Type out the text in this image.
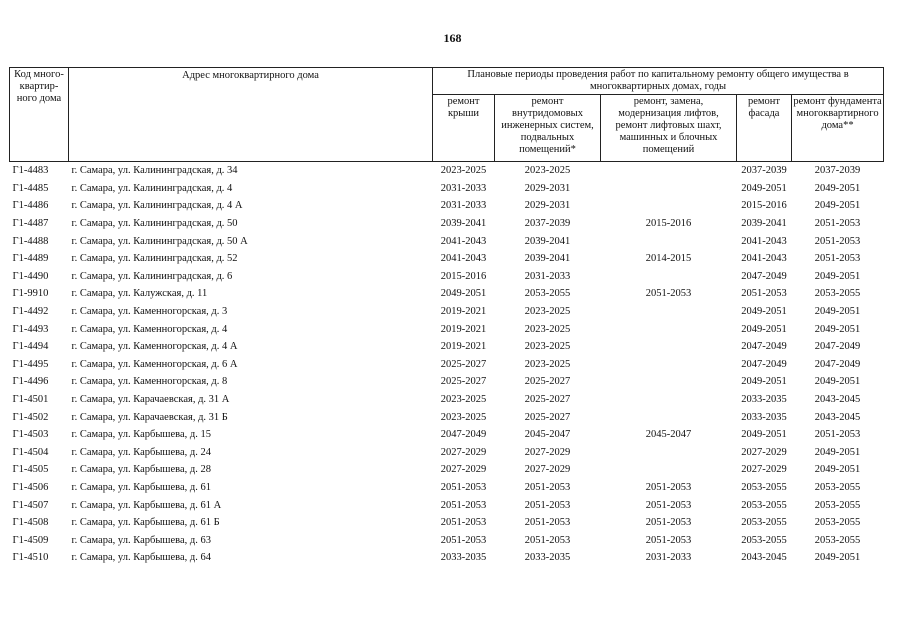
168
Код много-квартир-ного дома	Адрес многоквартирного дома	Плановые периоды проведения работ по капитальному ремонту общего имущества в многоквартирных домах, годы				
		ремонт крыши	ремонт внутридомовых инженерных систем, подвальных помещений*	ремонт, замена, модернизация лифтов, ремонт лифтовых шахт, машинных и блочных помещений	ремонт фасада	ремонт фундамента многоквартирного дома**
Г1-4483	г. Самара, ул. Калининградская, д. 34	2023-2025	2023-2025		2037-2039	2037-2039
Г1-4485	г. Самара, ул. Калининградская, д. 4	2031-2033	2029-2031		2049-2051	2049-2051
Г1-4486	г. Самара, ул. Калининградская, д. 4 А	2031-2033	2029-2031		2015-2016	2049-2051
Г1-4487	г. Самара, ул. Калининградская, д. 50	2039-2041	2037-2039	2015-2016	2039-2041	2051-2053
Г1-4488	г. Самара, ул. Калининградская, д. 50 А	2041-2043	2039-2041		2041-2043	2051-2053
Г1-4489	г. Самара, ул. Калининградская, д. 52	2041-2043	2039-2041	2014-2015	2041-2043	2051-2053
Г1-4490	г. Самара, ул. Калининградская, д. 6	2015-2016	2031-2033		2047-2049	2049-2051
Г1-9910	г. Самара, ул. Калужская, д. 11	2049-2051	2053-2055	2051-2053	2051-2053	2053-2055
Г1-4492	г. Самара, ул. Каменногорская, д. 3	2019-2021	2023-2025		2049-2051	2049-2051
Г1-4493	г. Самара, ул. Каменногорская, д. 4	2019-2021	2023-2025		2049-2051	2049-2051
Г1-4494	г. Самара, ул. Каменногорская, д. 4 А	2019-2021	2023-2025		2047-2049	2047-2049
Г1-4495	г. Самара, ул. Каменногорская, д. 6 А	2025-2027	2023-2025		2047-2049	2047-2049
Г1-4496	г. Самара, ул. Каменногорская, д. 8	2025-2027	2025-2027		2049-2051	2049-2051
Г1-4501	г. Самара, ул. Карачаевская, д. 31 А	2023-2025	2025-2027		2033-2035	2043-2045
Г1-4502	г. Самара, ул. Карачаевская, д. 31 Б	2023-2025	2025-2027		2033-2035	2043-2045
Г1-4503	г. Самара, ул. Карбышева, д. 15	2047-2049	2045-2047	2045-2047	2049-2051	2051-2053
Г1-4504	г. Самара, ул. Карбышева, д. 24	2027-2029	2027-2029		2027-2029	2049-2051
Г1-4505	г. Самара, ул. Карбышева, д. 28	2027-2029	2027-2029		2027-2029	2049-2051
Г1-4506	г. Самара, ул. Карбышева, д. 61	2051-2053	2051-2053	2051-2053	2053-2055	2053-2055
Г1-4507	г. Самара, ул. Карбышева, д. 61 А	2051-2053	2051-2053	2051-2053	2053-2055	2053-2055
Г1-4508	г. Самара, ул. Карбышева, д. 61 Б	2051-2053	2051-2053	2051-2053	2053-2055	2053-2055
Г1-4509	г. Самара, ул. Карбышева, д. 63	2051-2053	2051-2053	2051-2053	2053-2055	2053-2055
Г1-4510	г. Самара, ул. Карбышева, д. 64	2033-2035	2033-2035	2031-2033	2043-2045	2049-2051
